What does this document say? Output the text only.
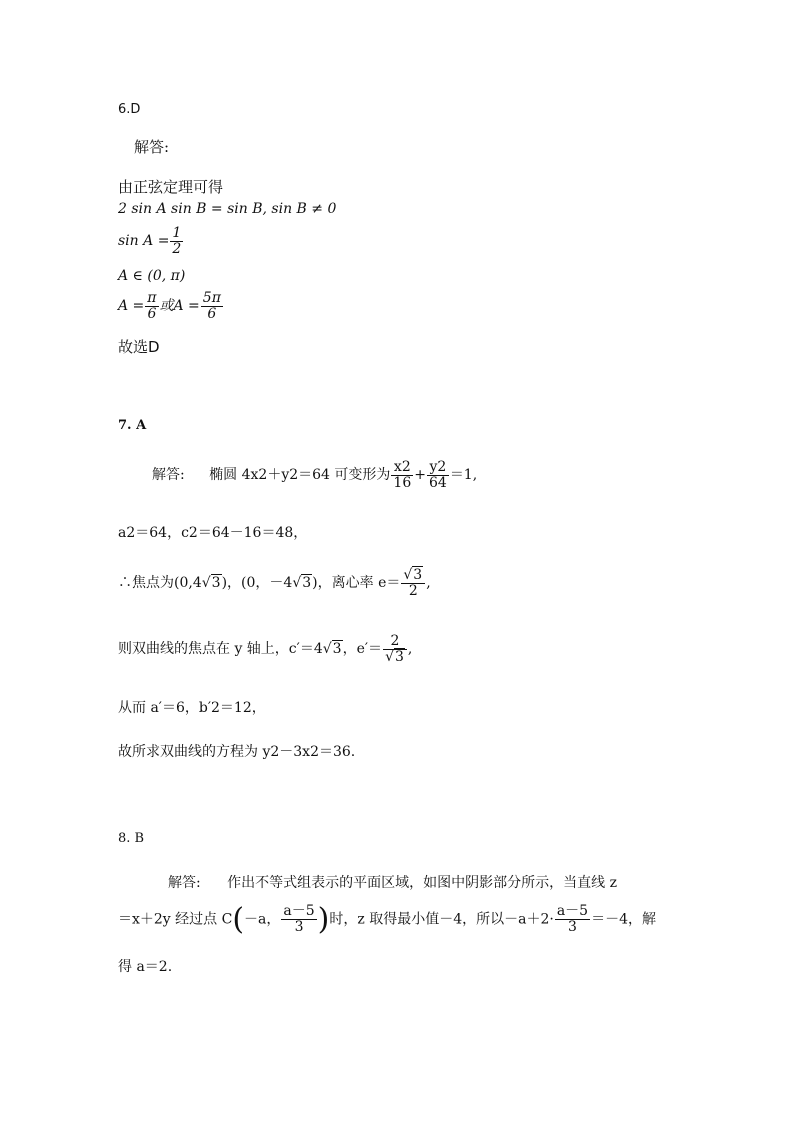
6.D
解答:
由正弦定理可得
2 sin A sin B = sin B, sin B ≠ 0
$\sin A = \frac{1}{2}$
A ∈ (0, π)
$A = \frac{\pi}{6}$ 或$A = \frac{5\pi}{6}$
故选D
7. A
解答: 椭圆 4x2＋y2＝64 可变形为 $\frac{x2}{16} + \frac{y2}{64} =1$,
a2＝64，c2＝64－16＝48，
∴焦点为(0,4√3)，(0，－4√3)，离心率 $e= \frac{√3}{2}$ ,
则双曲线的焦点在 y 轴上，c′＝4√3，$e'= \frac{2}{√3}$ ,
从而 a′＝6，b′2＝12，
故所求双曲线的方程为 y2－3x2＝36.
8. B
解答: 作出不等式组表示的平面区域，如图中阴影部分所示，当直线 z
＝x＋2y 经过点 C(－a， $\frac{a-5}{3}$ )时，z 取得最小值－4，所以$-a+2\cdot \frac{a-5}{3} =-4$，解
得 a＝2.
